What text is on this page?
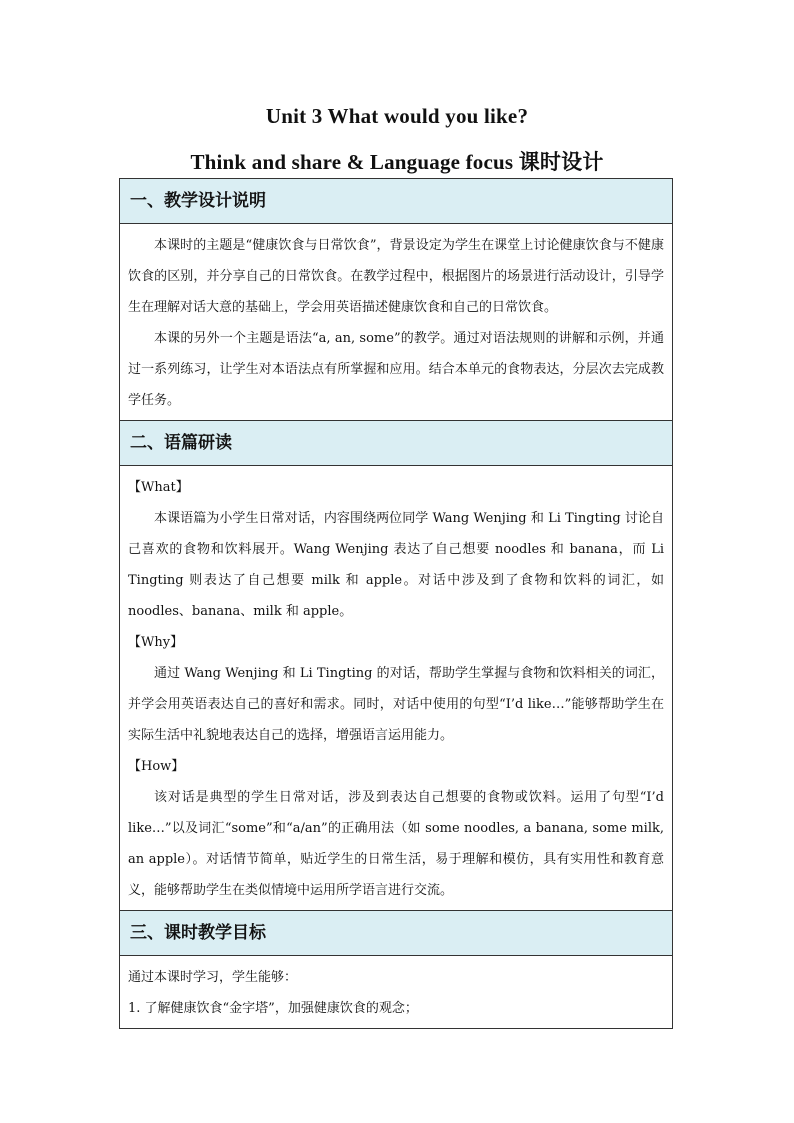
Unit 3 What would you like?
Think and share & Language focus 课时设计
一、教学设计说明
本课时的主题是“健康饮食与日常饮食”，背景设定为学生在课堂上讨论健康饮食与不健康饮食的区别，并分享自己的日常饮食。在教学过程中，根据图片的场景进行活动设计，引导学生在理解对话大意的基础上，学会用英语描述健康饮食和自己的日常饮食。
本课的另外一个主题是语法“a, an, some”的教学。通过对语法规则的讲解和示例，并通过一系列练习，让学生对本语法点有所掌握和应用。结合本单元的食物表达，分层次去完成教学任务。
二、语篇研读
【What】
本课语篇为小学生日常对话，内容围绕两位同学 Wang Wenjing 和 Li Tingting 讨论自己喜欢的食物和饮料展开。Wang Wenjing 表达了自己想要 noodles 和 banana，而 Li Tingting 则表达了自己想要 milk 和 apple。对话中涉及到了食物和饮料的词汇，如 noodles、banana、milk 和 apple。
【Why】
通过 Wang Wenjing 和 Li Tingting 的对话，帮助学生掌握与食物和饮料相关的词汇，并学会用英语表达自己的喜好和需求。同时，对话中使用的句型“I’d like…”能够帮助学生在实际生活中礼貌地表达自己的选择，增强语言运用能力。
【How】
该对话是典型的学生日常对话，涉及到表达自己想要的食物或饮料。运用了句型“I’d like…”以及词汇“some”和“a/an”的正确用法（如 some noodles, a banana, some milk, an apple）。对话情节简单，贴近学生的日常生活，易于理解和模仿，具有实用性和教育意义，能够帮助学生在类似情境中运用所学语言进行交流。
三、课时教学目标
通过本课时学习，学生能够：
1. 了解健康饮食“金字塔”，加强健康饮食的观念；
